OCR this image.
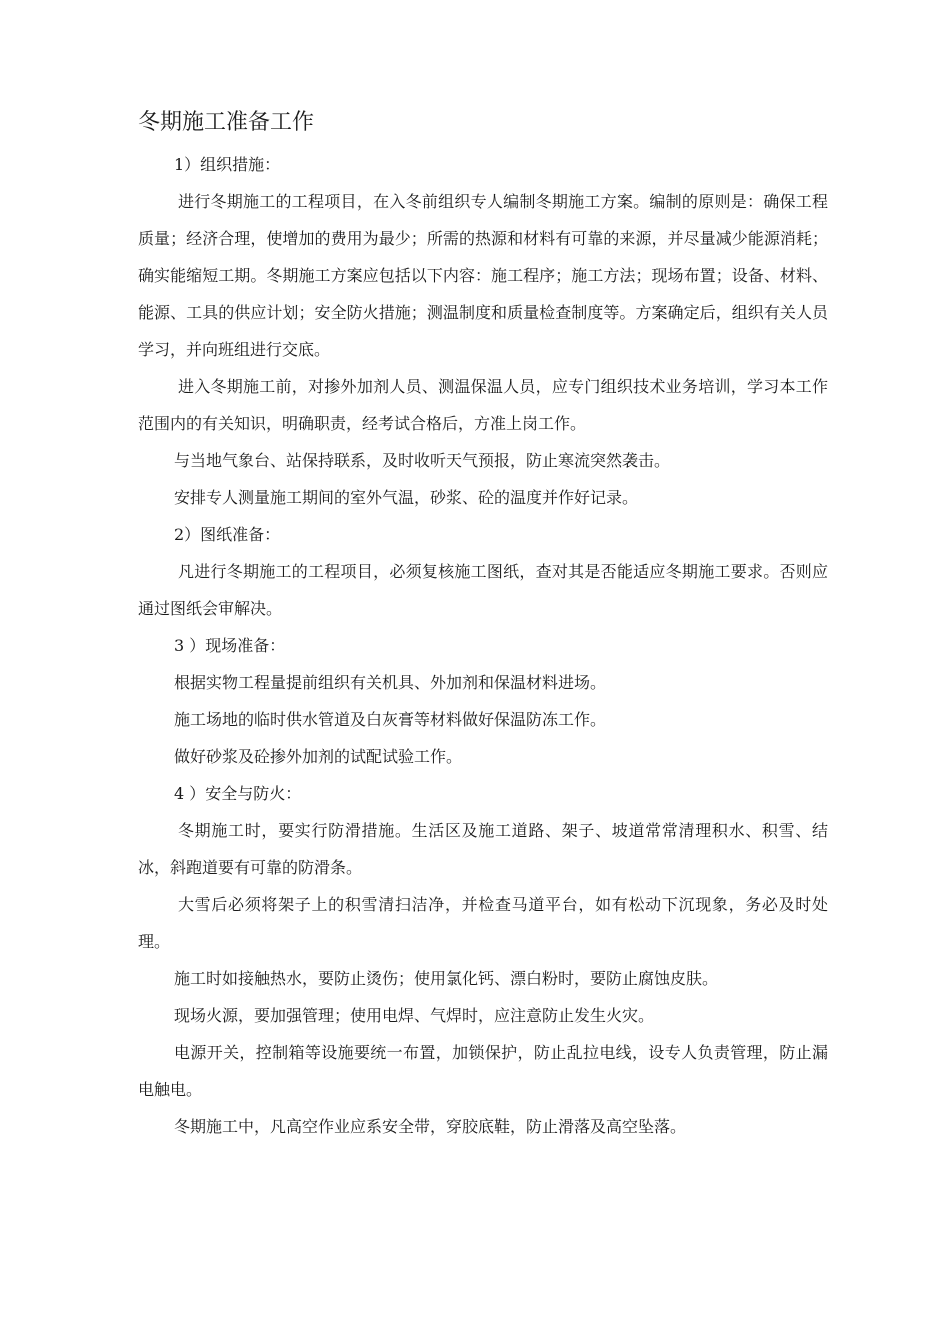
冬期施工准备工作

1）组织措施：

进行冬期施工的工程项目，在入冬前组织专人编制冬期施工方案。编制的原则是：确保工程质量；经济合理，使增加的费用为最少；所需的热源和材料有可靠的来源，并尽量减少能源消耗；确实能缩短工期。冬期施工方案应包括以下内容：施工程序；施工方法；现场布置；设备、材料、能源、工具的供应计划；安全防火措施；测温制度和质量检查制度等。方案确定后，组织有关人员学习，并向班组进行交底。

进入冬期施工前，对掺外加剂人员、测温保温人员，应专门组织技术业务培训，学习本工作范围内的有关知识，明确职责，经考试合格后，方准上岗工作。

与当地气象台、站保持联系，及时收听天气预报，防止寒流突然袭击。

安排专人测量施工期间的室外气温，砂浆、砼的温度并作好记录。

2）图纸准备：

凡进行冬期施工的工程项目，必须复核施工图纸，查对其是否能适应冬期施工要求。否则应通过图纸会审解决。

3 ）现场准备：

根据实物工程量提前组织有关机具、外加剂和保温材料进场。

施工场地的临时供水管道及白灰膏等材料做好保温防冻工作。

做好砂浆及砼掺外加剂的试配试验工作。

4 ）安全与防火：

冬期施工时，要实行防滑措施。生活区及施工道路、架子、坡道常常清理积水、积雪、结冰，斜跑道要有可靠的防滑条。

大雪后必须将架子上的积雪清扫洁净，并检查马道平台，如有松动下沉现象，务必及时处理。

施工时如接触热水，要防止烫伤；使用氯化钙、漂白粉时，要防止腐蚀皮肤。

现场火源，要加强管理；使用电焊、气焊时，应注意防止发生火灾。

电源开关，控制箱等设施要统一布置，加锁保护，防止乱拉电线，设专人负责管理，防止漏电触电。

冬期施工中，凡高空作业应系安全带，穿胶底鞋，防止滑落及高空坠落。
